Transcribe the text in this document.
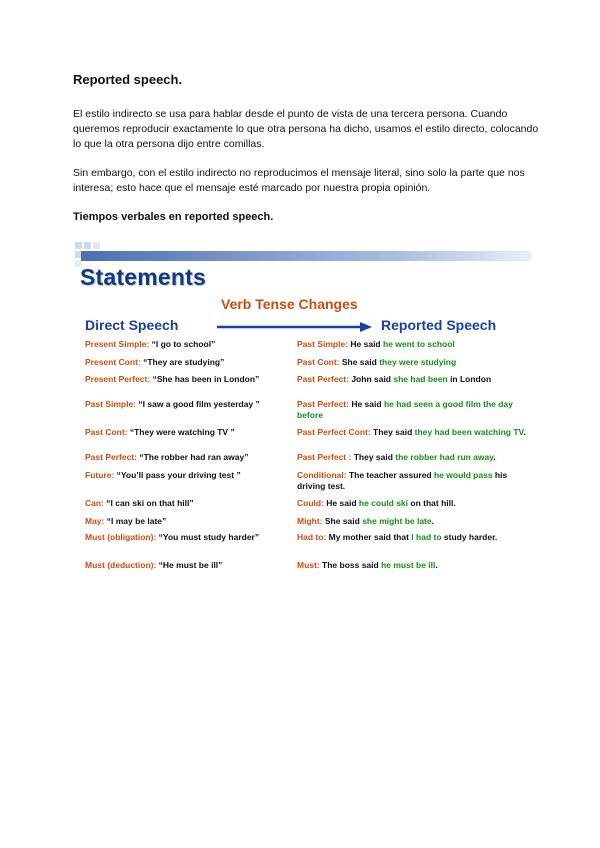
Reported speech.
El estilo indirecto se usa para hablar desde el punto de vista de una tercera persona. Cuando queremos reproducir exactamente lo que otra persona ha dicho, usamos el estilo directo, colocando lo que la otra persona dijo entre comillas.
Sin embargo, con el estilo indirecto no reproducimos el mensaje literal, sino solo la parte que nos interesa; esto hace que el mensaje esté marcado por nuestra propia opinión.
Tiempos verbales en reported speech.
Statements
Verb Tense Changes
Direct Speech	Reported Speech
Present Simple: “I go to school”	Past Simple: He said he went to school
Present Cont: “They are studying”	Past Cont: She said they were studying
Present Perfect: “She has been in London”	Past Perfect: John said she had been in London
Past Simple: “I saw a good film yesterday ”	Past Perfect: He said he had seen a good film the day before
Past Cont: “They were watching TV ”	Past Perfect Cont: They said they had been watching TV.
Past Perfect: “The robber had ran away”	Past Perfect : They said the robber had run away.
Future: “You’ll pass your driving test ”	Conditional: The teacher assured he would pass his driving test.
Can: “I can ski on that hill”	Could: He said he could ski on that hill.
May: “I may be late”	Might: She said she might be late.
Must (obligation): “You must study harder”	Had to: My mother said that I had to study harder.
Must (deduction): “He must be ill”	Must: The boss said he must be ill.
